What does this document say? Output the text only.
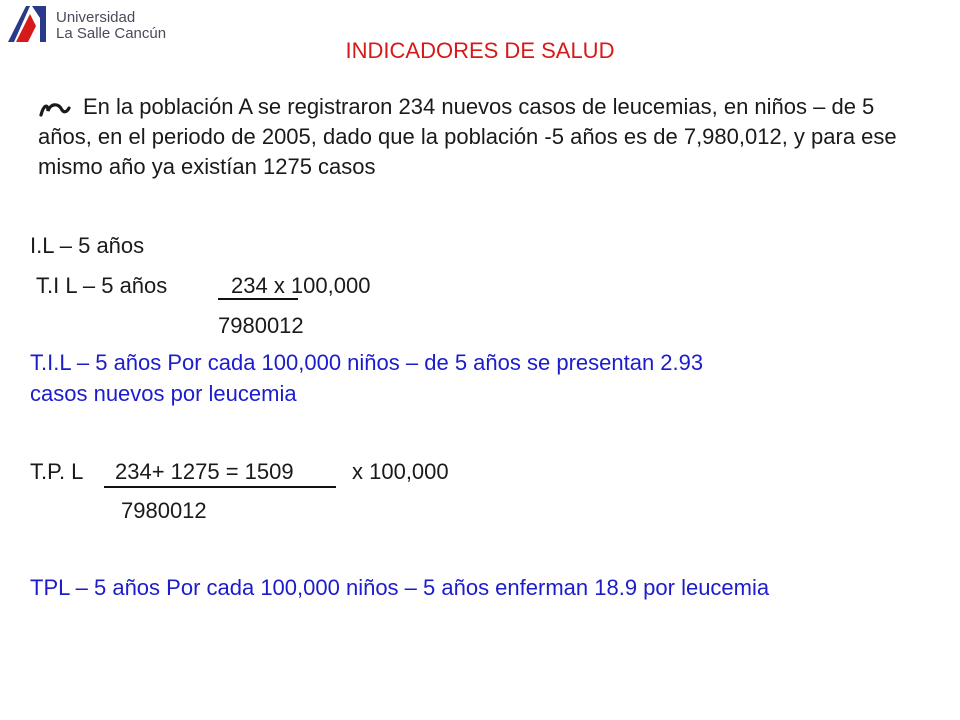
Universidad
La Salle Cancún
INDICADORES DE SALUD
En la población A se registraron 234 nuevos casos de leucemias, en niños – de 5 años, en el periodo de 2005, dado que la población -5 años es de 7,980,012, y para ese mismo año ya existían 1275 casos
I.L – 5 años
T.I L – 5 años	234 x 100,000
7980012
T.I.L – 5 años Por cada 100,000 niños – de 5 años se presentan 2.93
casos nuevos por leucemia
T.P. L 234+ 1275 = 1509	x 100,000
7980012
TPL – 5 años Por cada 100,000 niños – 5 años enferman 18.9 por leucemia
